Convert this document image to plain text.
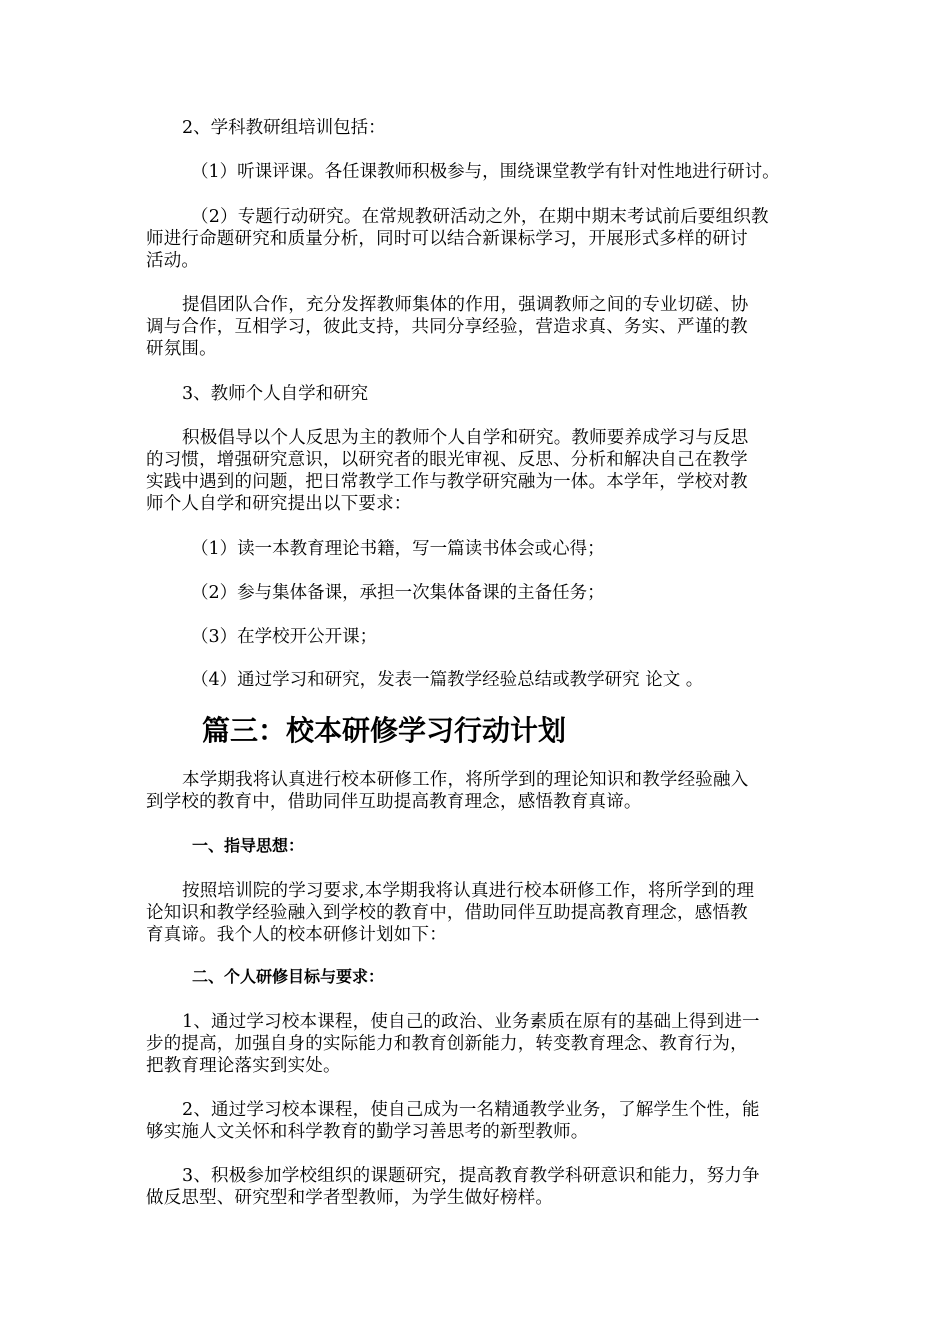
2、学科教研组培训包括：

（1）听课评课。各任课教师积极参与，围绕课堂教学有针对性地进行研讨。

（2）专题行动研究。在常规教研活动之外，在期中期末考试前后要组织教
师进行命题研究和质量分析，同时可以结合新课标学习，开展形式多样的研讨
活动。

提倡团队合作，充分发挥教师集体的作用，强调教师之间的专业切磋、协
调与合作，互相学习，彼此支持，共同分享经验，营造求真、务实、严谨的教
研氛围。

3、教师个人自学和研究

积极倡导以个人反思为主的教师个人自学和研究。教师要养成学习与反思
的习惯，增强研究意识，以研究者的眼光审视、反思、分析和解决自己在教学
实践中遇到的问题，把日常教学工作与教学研究融为一体。本学年，学校对教
师个人自学和研究提出以下要求：

（1）读一本教育理论书籍，写一篇读书体会或心得；

（2）参与集体备课，承担一次集体备课的主备任务；

（3）在学校开公开课；

（4）通过学习和研究，发表一篇教学经验总结或教学研究 论文 。

篇三：校本研修学习行动计划

本学期我将认真进行校本研修工作，将所学到的理论知识和教学经验融入
到学校的教育中，借助同伴互助提高教育理念，感悟教育真谛。

一、指导思想：

按照培训院的学习要求,本学期我将认真进行校本研修工作，将所学到的理
论知识和教学经验融入到学校的教育中，借助同伴互助提高教育理念，感悟教
育真谛。我个人的校本研修计划如下：

二、个人研修目标与要求：

1、通过学习校本课程，使自己的政治、业务素质在原有的基础上得到进一
步的提高，加强自身的实际能力和教育创新能力，转变教育理念、教育行为，
把教育理论落实到实处。

2、通过学习校本课程，使自己成为一名精通教学业务，了解学生个性，能
够实施人文关怀和科学教育的勤学习善思考的新型教师。

3、积极参加学校组织的课题研究，提高教育教学科研意识和能力，努力争
做反思型、研究型和学者型教师，为学生做好榜样。
